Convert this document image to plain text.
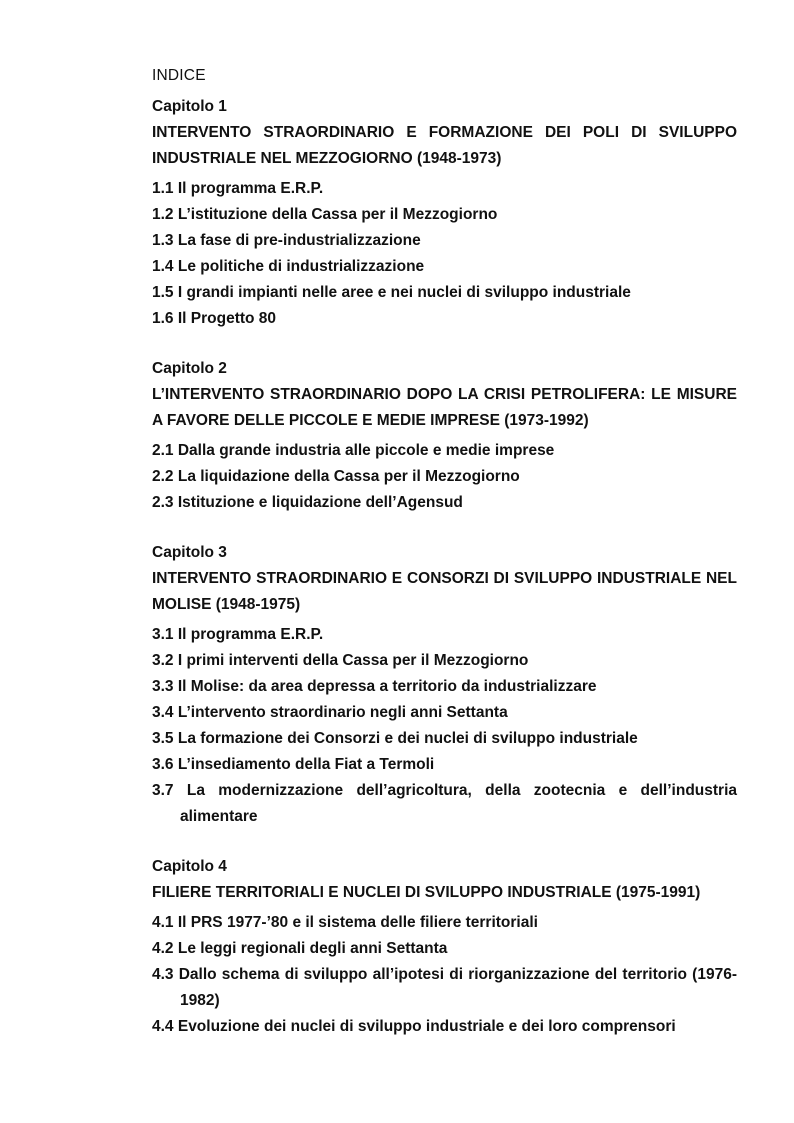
INDICE
Capitolo 1
INTERVENTO STRAORDINARIO E FORMAZIONE DEI POLI DI SVILUPPO INDUSTRIALE NEL MEZZOGIORNO (1948-1973)
1.1 Il programma E.R.P.
1.2 L’istituzione della Cassa per il Mezzogiorno
1.3 La fase di pre-industrializzazione
1.4 Le politiche di industrializzazione
1.5 I grandi impianti nelle aree e nei nuclei di sviluppo industriale
1.6 Il Progetto 80
Capitolo 2
L’INTERVENTO STRAORDINARIO DOPO LA CRISI PETROLIFERA: LE MISURE A FAVORE DELLE PICCOLE E MEDIE IMPRESE (1973-1992)
2.1 Dalla grande industria alle piccole e medie imprese
2.2 La liquidazione della Cassa per il Mezzogiorno
2.3 Istituzione e liquidazione dell’Agensud
Capitolo 3
INTERVENTO STRAORDINARIO E CONSORZI DI SVILUPPO INDUSTRIALE NEL MOLISE (1948-1975)
3.1 Il programma E.R.P.
3.2 I primi interventi della Cassa per il Mezzogiorno
3.3 Il Molise: da area depressa a territorio da industrializzare
3.4 L’intervento straordinario negli anni Settanta
3.5 La formazione dei Consorzi e dei nuclei di sviluppo industriale
3.6 L’insediamento della Fiat a Termoli
3.7 La modernizzazione dell’agricoltura, della zootecnia e dell’industria alimentare
Capitolo 4
FILIERE TERRITORIALI E NUCLEI DI SVILUPPO INDUSTRIALE (1975-1991)
4.1 Il PRS 1977-’80 e il sistema delle filiere territoriali
4.2 Le leggi regionali degli anni Settanta
4.3 Dallo schema di sviluppo all’ipotesi di riorganizzazione del territorio (1976-1982)
4.4 Evoluzione dei nuclei di sviluppo industriale e dei loro comprensori
